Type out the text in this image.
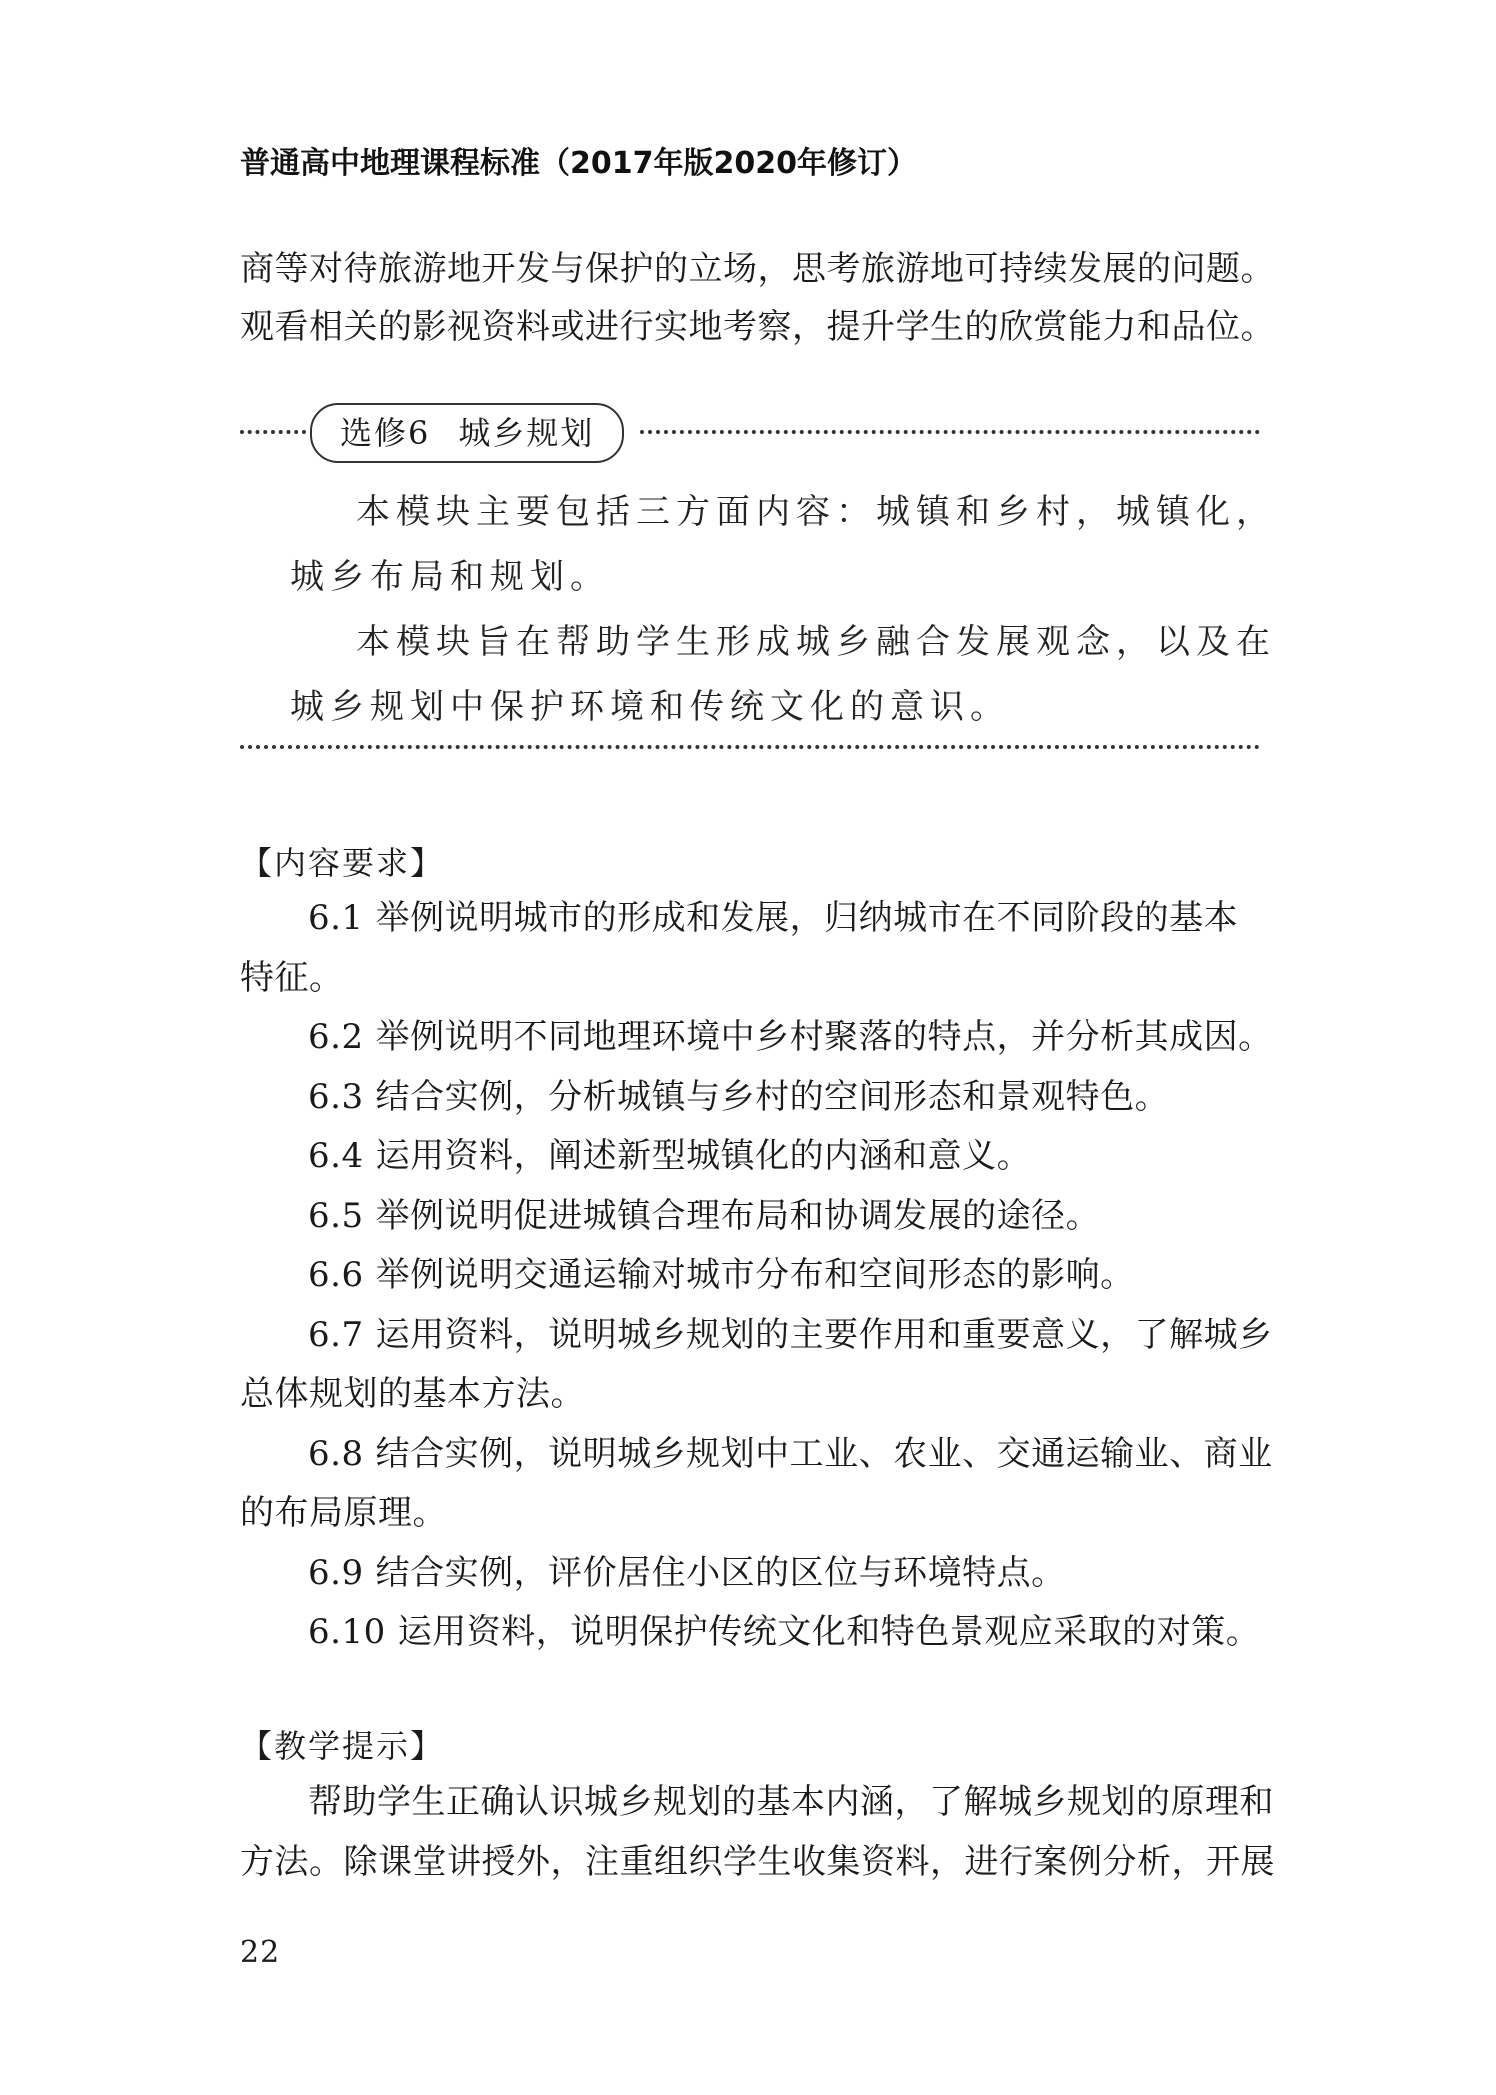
普通高中地理课程标准（2017年版2020年修订）

商等对待旅游地开发与保护的立场，思考旅游地可持续发展的问题。

观看相关的影视资料或进行实地考察，提升学生的欣赏能力和品位。

选修6 城乡规划

本模块主要包括三方面内容：城镇和乡村，城镇化，

城乡布局和规划。

本模块旨在帮助学生形成城乡融合发展观念，以及在

城乡规划中保护环境和传统文化的意识。

【内容要求】

6.1 举例说明城市的形成和发展，归纳城市在不同阶段的基本

特征。

6.2 举例说明不同地理环境中乡村聚落的特点，并分析其成因。

6.3 结合实例，分析城镇与乡村的空间形态和景观特色。

6.4 运用资料，阐述新型城镇化的内涵和意义。

6.5 举例说明促进城镇合理布局和协调发展的途径。

6.6 举例说明交通运输对城市分布和空间形态的影响。

6.7 运用资料，说明城乡规划的主要作用和重要意义，了解城乡

总体规划的基本方法。

6.8 结合实例，说明城乡规划中工业、农业、交通运输业、商业

的布局原理。

6.9 结合实例，评价居住小区的区位与环境特点。

6.10 运用资料，说明保护传统文化和特色景观应采取的对策。

【教学提示】

帮助学生正确认识城乡规划的基本内涵，了解城乡规划的原理和

方法。除课堂讲授外，注重组织学生收集资料，进行案例分析，开展

22
